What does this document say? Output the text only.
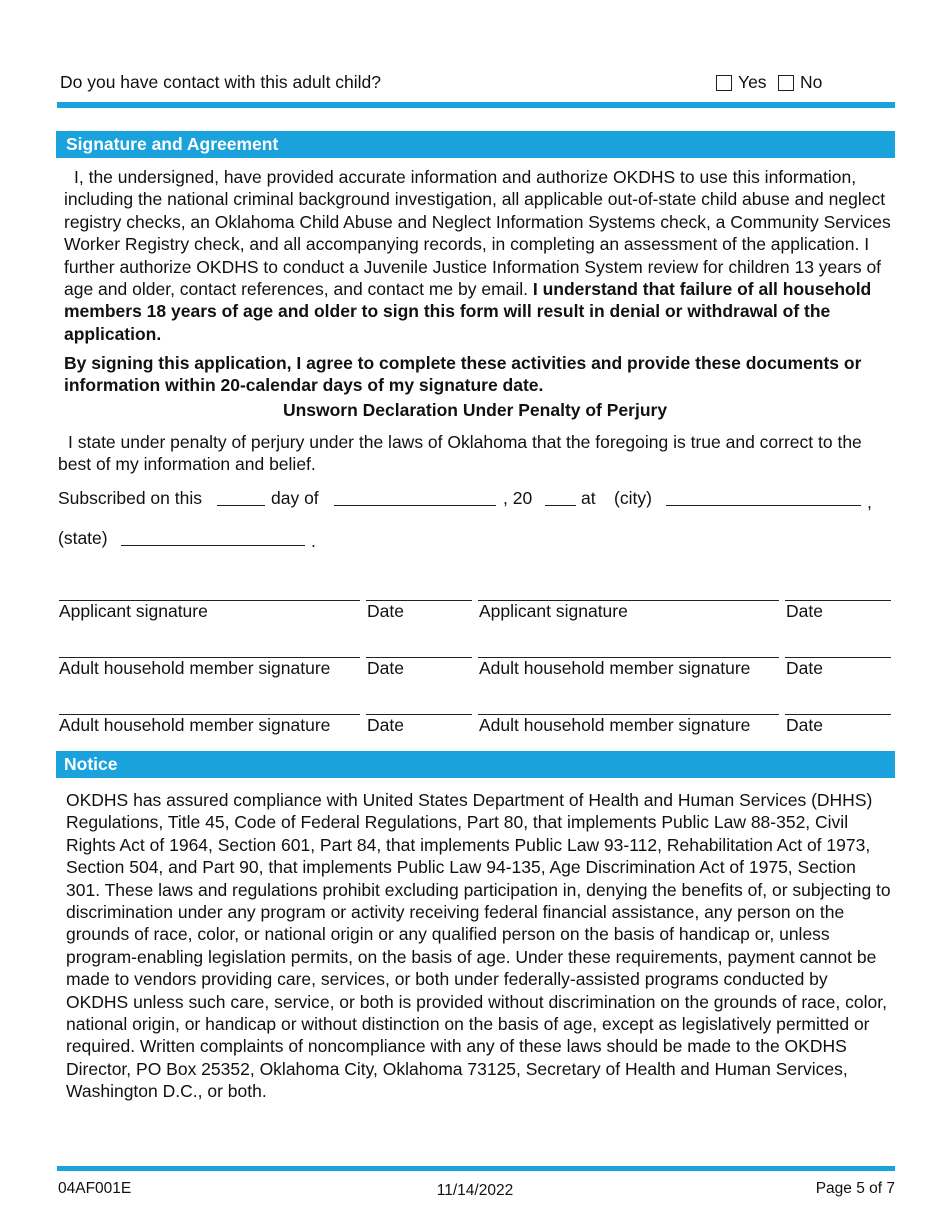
Do you have contact with this adult child?	Yes No
Signature and Agreement
I, the undersigned, have provided accurate information and authorize OKDHS to use this information, including the national criminal background investigation, all applicable out-of-state child abuse and neglect registry checks, an Oklahoma Child Abuse and Neglect Information Systems check, a Community Services Worker Registry check, and all accompanying records, in completing an assessment of the application. I further authorize OKDHS to conduct a Juvenile Justice Information System review for children 13 years of age and older, contact references, and contact me by email. I understand that failure of all household members 18 years of age and older to sign this form will result in denial or withdrawal of the application.
By signing this application, I agree to complete these activities and provide these documents or information within 20-calendar days of my signature date.
Unsworn Declaration Under Penalty of Perjury
I state under penalty of perjury under the laws of Oklahoma that the foregoing is true and correct to the best of my information and belief.
Subscribed on this	day of	, 20	at (city)	,
(state)	.
Applicant signature	Date	Applicant signature	Date
Adult household member signature Date	Adult household member signature Date
Adult household member signature Date	Adult household member signature Date
Notice
OKDHS has assured compliance with United States Department of Health and Human Services (DHHS) Regulations, Title 45, Code of Federal Regulations, Part 80, that implements Public Law 88-352, Civil Rights Act of 1964, Section 601, Part 84, that implements Public Law 93-112, Rehabilitation Act of 1973, Section 504, and Part 90, that implements Public Law 94-135, Age Discrimination Act of 1975, Section 301. These laws and regulations prohibit excluding participation in, denying the benefits of, or subjecting to discrimination under any program or activity receiving federal financial assistance, any person on the grounds of race, color, or national origin or any qualified person on the basis of handicap or, unless program-enabling legislation permits, on the basis of age. Under these requirements, payment cannot be made to vendors providing care, services, or both under federally-assisted programs conducted by OKDHS unless such care, service, or both is provided without discrimination on the grounds of race, color, national origin, or handicap or without distinction on the basis of age, except as legislatively permitted or required. Written complaints of noncompliance with any of these laws should be made to the OKDHS Director, PO Box 25352, Oklahoma City, Oklahoma 73125, Secretary of Health and Human Services, Washington D.C., or both.
04AF001E	11/14/2022	Page 5 of 7
